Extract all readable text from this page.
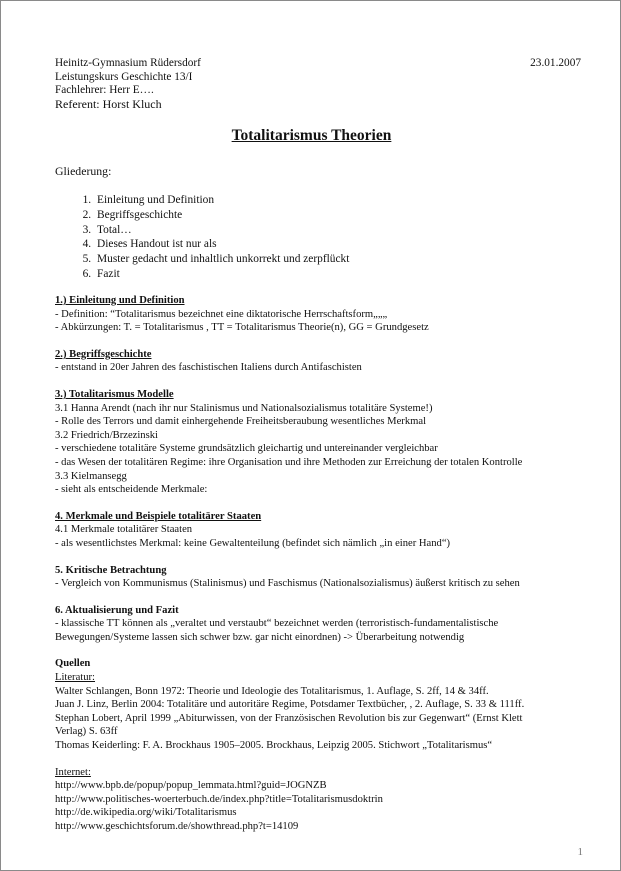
Heinitz-Gymnasium Rüdersdorf
Leistungskurs Geschichte 13/I
Fachlehrer: Herr E….
Referent: Horst Kluch
23.01.2007
Totalitarismus Theorien
Gliederung:
1. Einleitung und Definition
2. Begriffsgeschichte
3. Total…
4. Dieses Handout ist nur als
5. Muster gedacht und inhaltlich unkorrekt und zerpflückt
6. Fazit
1.) Einleitung und Definition
- Definition: “Totalitarismus bezeichnet eine diktatorische Herrschaftsform„„„
- Abkürzungen: T. = Totalitarismus , TT = Totalitarismus Theorie(n), GG = Grundgesetz
2.) Begriffsgeschichte
- entstand in 20er Jahren des faschistischen Italiens durch Antifaschisten
3.) Totalitarismus Modelle
3.1 Hanna Arendt (nach ihr nur Stalinismus und Nationalsozialismus totalitäre Systeme!)
- Rolle des Terrors und damit einhergehende Freiheitsberaubung wesentliches Merkmal
3.2 Friedrich/Brzezinski
- verschiedene totalitäre Systeme grundsätzlich gleichartig und untereinander vergleichbar
- das Wesen der totalitären Regime: ihre Organisation und ihre Methoden zur Erreichung der totalen Kontrolle
3.3 Kielmansegg
- sieht als entscheidende Merkmale:
4. Merkmale und Beispiele totalitärer Staaten
4.1 Merkmale totalitärer Staaten
- als wesentlichstes Merkmal: keine Gewaltenteilung (befindet sich nämlich „in einer Hand“)
5. Kritische Betrachtung
- Vergleich von Kommunismus (Stalinismus) und Faschismus (Nationalsozialismus) äußerst kritisch zu sehen
6. Aktualisierung und Fazit
- klassische TT können als „veraltet und verstaubt“ bezeichnet werden (terroristisch-fundamentalistische
Bewegungen/Systeme lassen sich schwer bzw. gar nicht einordnen) -> Überarbeitung notwendig
Quellen
Literatur:
Walter Schlangen, Bonn 1972: Theorie und Ideologie des Totalitarismus, 1. Auflage, S. 2ff, 14 & 34ff.
Juan J. Linz, Berlin 2004: Totalitäre und autoritäre Regime, Potsdamer Textbücher, , 2. Auflage, S. 33 & 111ff.
Stephan Lobert, April 1999 „Abiturwissen, von der Französischen Revolution bis zur Gegenwart“ (Ernst Klett
Verlag) S. 63ff
Thomas Keiderling: F. A. Brockhaus 1905–2005. Brockhaus, Leipzig 2005. Stichwort „Totalitarismus“
Internet:
http://www.bpb.de/popup/popup_lemmata.html?guid=JOGNZB
http://www.politisches-woerterbuch.de/index.php?title=Totalitarismusdoktrin
http://de.wikipedia.org/wiki/Totalitarismus
http://www.geschichtsforum.de/showthread.php?t=14109
1
